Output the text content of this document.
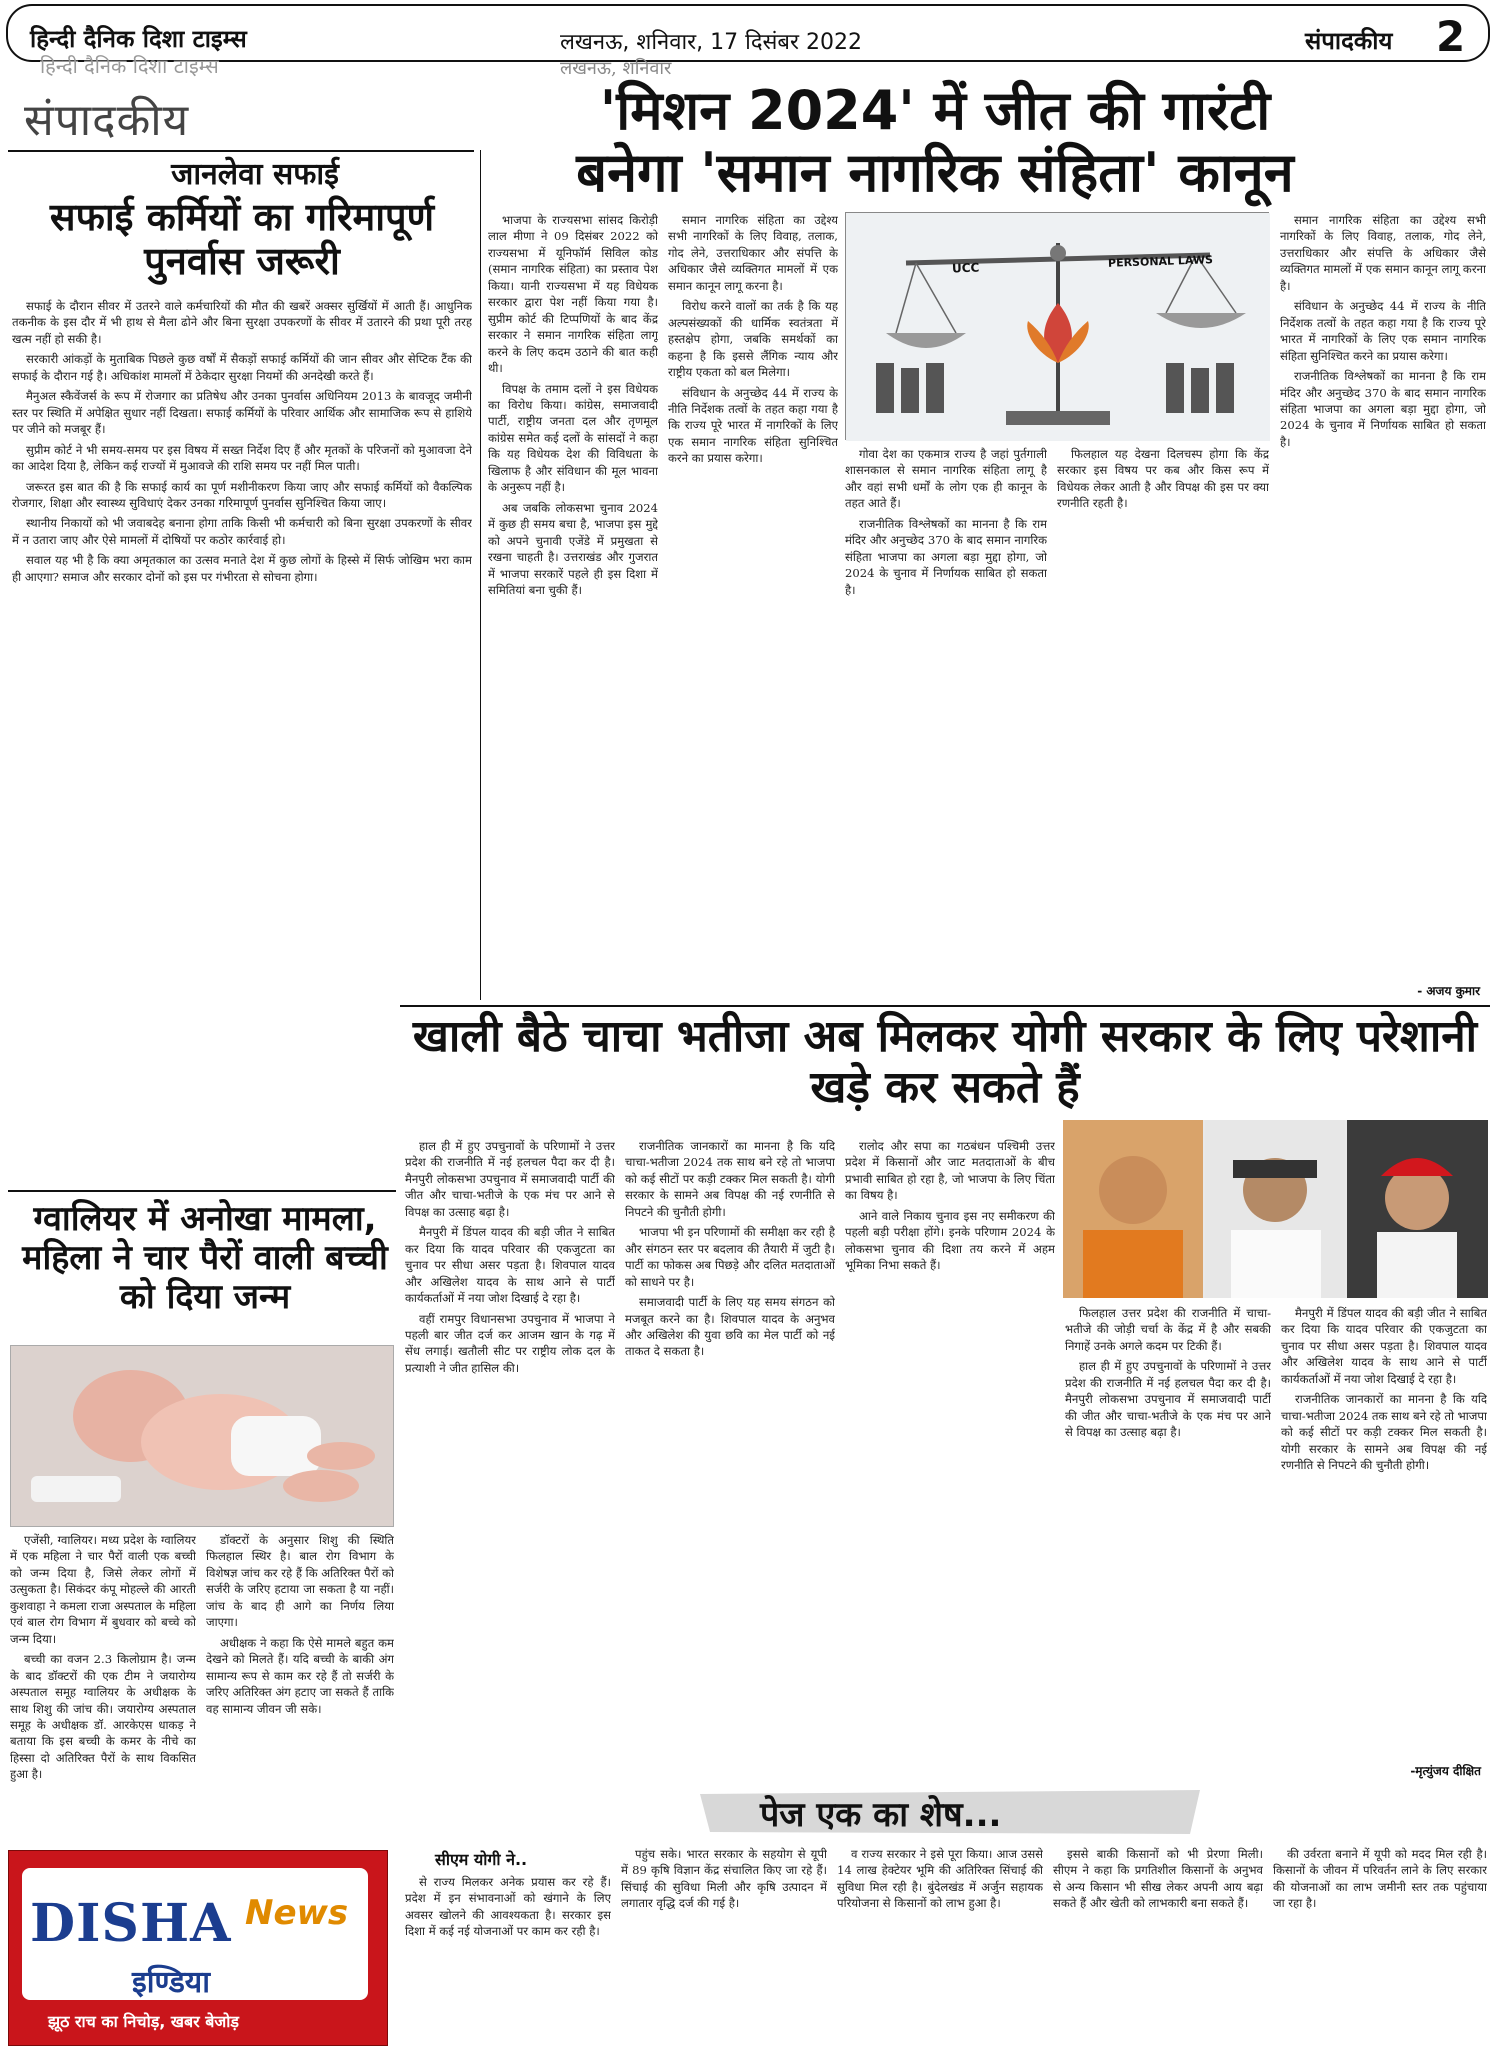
हिन्दी दैनिक दिशा टाइम्स	लखनऊ, शनिवार, 17 दिसंबर 2022	संपादकीय 2
हिन्दी दैनिक दिशा टाइम्स	लखनऊ, शनिवार
संपादकीय	'मिशन 2024' में जीत की गारंटी बनेगा 'समान नागरिक संहिता' कानून
जानलेवा सफाई
सफाई कर्मियों का गरिमापूर्ण पुनर्वास जरूरी

सफाई के दौरान सीवर में उतरने वाले कर्मचारियों की मौत की खबरें अक्सर सुर्खियों में आती हैं। आधुनिक तकनीक के इस दौर में भी हाथ से मैला ढोने और बिना सुरक्षा उपकरणों के सीवर में उतारने की प्रथा पूरी तरह खत्म नहीं हो सकी है।

सरकारी आंकड़ों के मुताबिक पिछले कुछ वर्षों में सैकड़ों सफाई कर्मियों की जान सीवर और सेप्टिक टैंक की सफाई के दौरान गई है। अधिकांश मामलों में ठेकेदार सुरक्षा नियमों की अनदेखी करते हैं।

मैनुअल स्कैवेंजर्स के रूप में रोजगार का प्रतिषेध और उनका पुनर्वास अधिनियम 2013 के बावजूद जमीनी स्तर पर स्थिति में अपेक्षित सुधार नहीं दिखता। सफाई कर्मियों के परिवार आर्थिक और सामाजिक रूप से हाशिये पर जीने को मजबूर हैं।

सुप्रीम कोर्ट ने भी समय-समय पर इस विषय में सख्त निर्देश दिए हैं और मृतकों के परिजनों को मुआवजा देने का आदेश दिया है, लेकिन कई राज्यों में मुआवजे की राशि समय पर नहीं मिल पाती।

जरूरत इस बात की है कि सफाई कार्य का पूर्ण मशीनीकरण किया जाए और सफाई कर्मियों को वैकल्पिक रोजगार, शिक्षा और स्वास्थ्य सुविधाएं देकर उनका गरिमापूर्ण पुनर्वास सुनिश्चित किया जाए।

स्थानीय निकायों को भी जवाबदेह बनाना होगा ताकि किसी भी कर्मचारी को बिना सुरक्षा उपकरणों के सीवर में न उतारा जाए और ऐसे मामलों में दोषियों पर कठोर कार्रवाई हो।

सवाल यह भी है कि क्या अमृतकाल का उत्सव मनाते देश में कुछ लोगों के हिस्से में सिर्फ जोखिम भरा काम ही आएगा? समाज और सरकार दोनों को इस पर गंभीरता से सोचना होगा।

भाजपा के राज्यसभा सांसद किरोड़ी लाल मीणा ने 09 दिसंबर 2022 को राज्यसभा में यूनिफॉर्म सिविल कोड (समान नागरिक संहिता) का प्रस्ताव पेश किया। यानी राज्यसभा में यह विधेयक सरकार द्वारा पेश नहीं किया गया है। सुप्रीम कोर्ट की टिप्पणियों के बाद केंद्र सरकार ने समान नागरिक संहिता लागू करने के लिए कदम उठाने की बात कही थी।

विपक्ष के तमाम दलों ने इस विधेयक का विरोध किया। कांग्रेस, समाजवादी पार्टी, राष्ट्रीय जनता दल और तृणमूल कांग्रेस समेत कई दलों के सांसदों ने कहा कि यह विधेयक देश की विविधता के खिलाफ है और संविधान की मूल भावना के अनुरूप नहीं है।

अब जबकि लोकसभा चुनाव 2024 में कुछ ही समय बचा है, भाजपा इस मुद्दे को अपने चुनावी एजेंडे में प्रमुखता से रखना चाहती है। उत्तराखंड और गुजरात में भाजपा सरकारें पहले ही इस दिशा में समितियां बना चुकी हैं।

समान नागरिक संहिता का उद्देश्य सभी नागरिकों के लिए विवाह, तलाक, गोद लेने, उत्तराधिकार और संपत्ति के अधिकार जैसे व्यक्तिगत मामलों में एक समान कानून लागू करना है।

विरोध करने वालों का तर्क है कि यह अल्पसंख्यकों की धार्मिक स्वतंत्रता में हस्तक्षेप होगा, जबकि समर्थकों का कहना है कि इससे लैंगिक न्याय और राष्ट्रीय एकता को बल मिलेगा।

संविधान के अनुच्छेद 44 में राज्य के नीति निर्देशक तत्वों के तहत कहा गया है कि राज्य पूरे भारत में नागरिकों के लिए एक समान नागरिक संहिता सुनिश्चित करने का प्रयास करेगा।

UCC	PERSONAL LAWS

गोवा देश का एकमात्र राज्य है जहां पुर्तगाली शासनकाल से समान नागरिक संहिता लागू है और वहां सभी धर्मों के लोग एक ही कानून के तहत आते हैं।

राजनीतिक विश्लेषकों का मानना है कि राम मंदिर और अनुच्छेद 370 के बाद समान नागरिक संहिता भाजपा का अगला बड़ा मुद्दा होगा, जो 2024 के चुनाव में निर्णायक साबित हो सकता है।

फिलहाल यह देखना दिलचस्प होगा कि केंद्र सरकार इस विषय पर कब और किस रूप में विधेयक लेकर आती है और विपक्ष की इस पर क्या रणनीति रहती है।

समान नागरिक संहिता का उद्देश्य सभी नागरिकों के लिए विवाह, तलाक, गोद लेने, उत्तराधिकार और संपत्ति के अधिकार जैसे व्यक्तिगत मामलों में एक समान कानून लागू करना है।

संविधान के अनुच्छेद 44 में राज्य के नीति निर्देशक तत्वों के तहत कहा गया है कि राज्य पूरे भारत में नागरिकों के लिए एक समान नागरिक संहिता सुनिश्चित करने का प्रयास करेगा।

राजनीतिक विश्लेषकों का मानना है कि राम मंदिर और अनुच्छेद 370 के बाद समान नागरिक संहिता भाजपा का अगला बड़ा मुद्दा होगा, जो 2024 के चुनाव में निर्णायक साबित हो सकता है।

- अजय कुमार
खाली बैठे चाचा भतीजा अब मिलकर योगी सरकार के लिए परेशानी खड़े कर सकते हैं

हाल ही में हुए उपचुनावों के परिणामों ने उत्तर प्रदेश की राजनीति में नई हलचल पैदा कर दी है। मैनपुरी लोकसभा उपचुनाव में समाजवादी पार्टी की जीत और चाचा-भतीजे के एक मंच पर आने से विपक्ष का उत्साह बढ़ा है।

मैनपुरी में डिंपल यादव की बड़ी जीत ने साबित कर दिया कि यादव परिवार की एकजुटता का चुनाव पर सीधा असर पड़ता है। शिवपाल यादव और अखिलेश यादव के साथ आने से पार्टी कार्यकर्ताओं में नया जोश दिखाई दे रहा है।

वहीं रामपुर विधानसभा उपचुनाव में भाजपा ने पहली बार जीत दर्ज कर आजम खान के गढ़ में सेंध लगाई। खतौली सीट पर राष्ट्रीय लोक दल के प्रत्याशी ने जीत हासिल की।

राजनीतिक जानकारों का मानना है कि यदि चाचा-भतीजा 2024 तक साथ बने रहे तो भाजपा को कई सीटों पर कड़ी टक्कर मिल सकती है। योगी सरकार के सामने अब विपक्ष की नई रणनीति से निपटने की चुनौती होगी।

भाजपा भी इन परिणामों की समीक्षा कर रही है और संगठन स्तर पर बदलाव की तैयारी में जुटी है। पार्टी का फोकस अब पिछड़े और दलित मतदाताओं को साधने पर है।

समाजवादी पार्टी के लिए यह समय संगठन को मजबूत करने का है। शिवपाल यादव के अनुभव और अखिलेश की युवा छवि का मेल पार्टी को नई ताकत दे सकता है।

रालोद और सपा का गठबंधन पश्चिमी उत्तर प्रदेश में किसानों और जाट मतदाताओं के बीच प्रभावी साबित हो रहा है, जो भाजपा के लिए चिंता का विषय है।

आने वाले निकाय चुनाव इस नए समीकरण की पहली बड़ी परीक्षा होंगे। इनके परिणाम 2024 के लोकसभा चुनाव की दिशा तय करने में अहम भूमिका निभा सकते हैं।

फिलहाल उत्तर प्रदेश की राजनीति में चाचा-भतीजे की जोड़ी चर्चा के केंद्र में है और सबकी निगाहें उनके अगले कदम पर टिकी हैं।

हाल ही में हुए उपचुनावों के परिणामों ने उत्तर प्रदेश की राजनीति में नई हलचल पैदा कर दी है। मैनपुरी लोकसभा उपचुनाव में समाजवादी पार्टी की जीत और चाचा-भतीजे के एक मंच पर आने से विपक्ष का उत्साह बढ़ा है।

मैनपुरी में डिंपल यादव की बड़ी जीत ने साबित कर दिया कि यादव परिवार की एकजुटता का चुनाव पर सीधा असर पड़ता है। शिवपाल यादव और अखिलेश यादव के साथ आने से पार्टी कार्यकर्ताओं में नया जोश दिखाई दे रहा है।

राजनीतिक जानकारों का मानना है कि यदि चाचा-भतीजा 2024 तक साथ बने रहे तो भाजपा को कई सीटों पर कड़ी टक्कर मिल सकती है। योगी सरकार के सामने अब विपक्ष की नई रणनीति से निपटने की चुनौती होगी।

-मृत्युंजय दीक्षित
ग्वालियर में अनोखा मामला, महिला ने चार पैरों वाली बच्ची को दिया जन्म

एजेंसी, ग्वालियर। मध्य प्रदेश के ग्वालियर में एक महिला ने चार पैरों वाली एक बच्ची को जन्म दिया है, जिसे लेकर लोगों में उत्सुकता है। सिकंदर कंपू मोहल्ले की आरती कुशवाहा ने कमला राजा अस्पताल के महिला एवं बाल रोग विभाग में बुधवार को बच्चे को जन्म दिया।

बच्ची का वजन 2.3 किलोग्राम है। जन्म के बाद डॉक्टरों की एक टीम ने जयारोग्य अस्पताल समूह ग्वालियर के अधीक्षक के साथ शिशु की जांच की। जयारोग्य अस्पताल समूह के अधीक्षक डॉ. आरकेएस धाकड़ ने बताया कि इस बच्ची के कमर के नीचे का हिस्सा दो अतिरिक्त पैरों के साथ विकसित हुआ है।

डॉक्टरों के अनुसार शिशु की स्थिति फिलहाल स्थिर है। बाल रोग विभाग के विशेषज्ञ जांच कर रहे हैं कि अतिरिक्त पैरों को सर्जरी के जरिए हटाया जा सकता है या नहीं। जांच के बाद ही आगे का निर्णय लिया जाएगा।

अधीक्षक ने कहा कि ऐसे मामले बहुत कम देखने को मिलते हैं। यदि बच्ची के बाकी अंग सामान्य रूप से काम कर रहे हैं तो सर्जरी के जरिए अतिरिक्त अंग हटाए जा सकते हैं ताकि वह सामान्य जीवन जी सके।

DISHA News
इण्डिया
झूठ राच का निचोड़, खबर बेजोड़
पेज एक का शेष...
सीएम योगी ने..

से राज्य मिलकर अनेक प्रयास कर रहे हैं। प्रदेश में इन संभावनाओं को खंगाने के लिए अवसर खोलने की आवश्यकता है। सरकार इस दिशा में कई नई योजनाओं पर काम कर रही है।

पहुंच सके। भारत सरकार के सहयोग से यूपी में 89 कृषि विज्ञान केंद्र संचालित किए जा रहे हैं। सिंचाई की सुविधा मिली और कृषि उत्पादन में लगातार वृद्धि दर्ज की गई है।

व राज्य सरकार ने इसे पूरा किया। आज उससे 14 लाख हेक्टेयर भूमि की अतिरिक्त सिंचाई की सुविधा मिल रही है। बुंदेलखंड में अर्जुन सहायक परियोजना से किसानों को लाभ हुआ है।

इससे बाकी किसानों को भी प्रेरणा मिली। सीएम ने कहा कि प्रगतिशील किसानों के अनुभव से अन्य किसान भी सीख लेकर अपनी आय बढ़ा सकते हैं और खेती को लाभकारी बना सकते हैं।

की उर्वरता बनाने में यूपी को मदद मिल रही है। किसानों के जीवन में परिवर्तन लाने के लिए सरकार की योजनाओं का लाभ जमीनी स्तर तक पहुंचाया जा रहा है।
